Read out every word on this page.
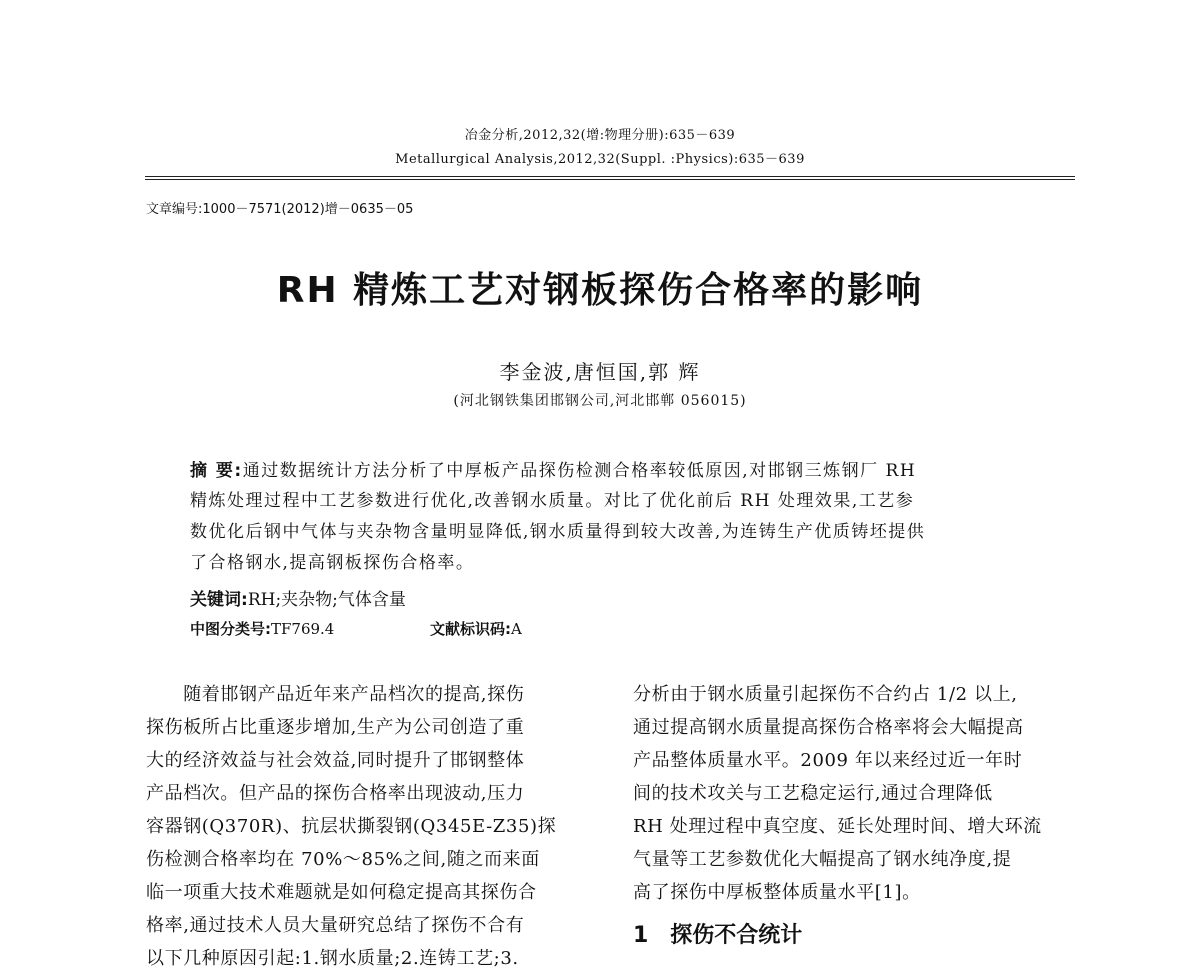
冶金分析,2012,32(增:物理分册):635－639
Metallurgical Analysis,2012,32(Suppl. :Physics):635－639
文章编号:1000－7571(2012)增－0635－05
RH 精炼工艺对钢板探伤合格率的影响
李金波,唐恒国,郭 辉
(河北钢铁集团邯钢公司,河北邯郸 056015)
摘 要:通过数据统计方法分析了中厚板产品探伤检测合格率较低原因,对邯钢三炼钢厂 RH
精炼处理过程中工艺参数进行优化,改善钢水质量。对比了优化前后 RH 处理效果,工艺参
数优化后钢中气体与夹杂物含量明显降低,钢水质量得到较大改善,为连铸生产优质铸坯提供
了合格钢水,提高钢板探伤合格率。
关键词:RH;夹杂物;气体含量
中图分类号:TF769.4	文献标识码:A
　　随着邯钢产品近年来产品档次的提高,探伤
探伤板所占比重逐步增加,生产为公司创造了重
大的经济效益与社会效益,同时提升了邯钢整体
产品档次。但产品的探伤合格率出现波动,压力
容器钢(Q370R)、抗层状撕裂钢(Q345E-Z35)探
伤检测合格率均在 70%～85%之间,随之而来面
临一项重大技术难题就是如何稳定提高其探伤合
格率,通过技术人员大量研究总结了探伤不合有
以下几种原因引起:1.钢水质量;2.连铸工艺;3.
分析由于钢水质量引起探伤不合约占 1/2 以上,
通过提高钢水质量提高探伤合格率将会大幅提高
产品整体质量水平。2009 年以来经过近一年时
间的技术攻关与工艺稳定运行,通过合理降低
RH 处理过程中真空度、延长处理时间、增大环流
气量等工艺参数优化大幅提高了钢水纯净度,提
高了探伤中厚板整体质量水平[1]。
1　探伤不合统计
